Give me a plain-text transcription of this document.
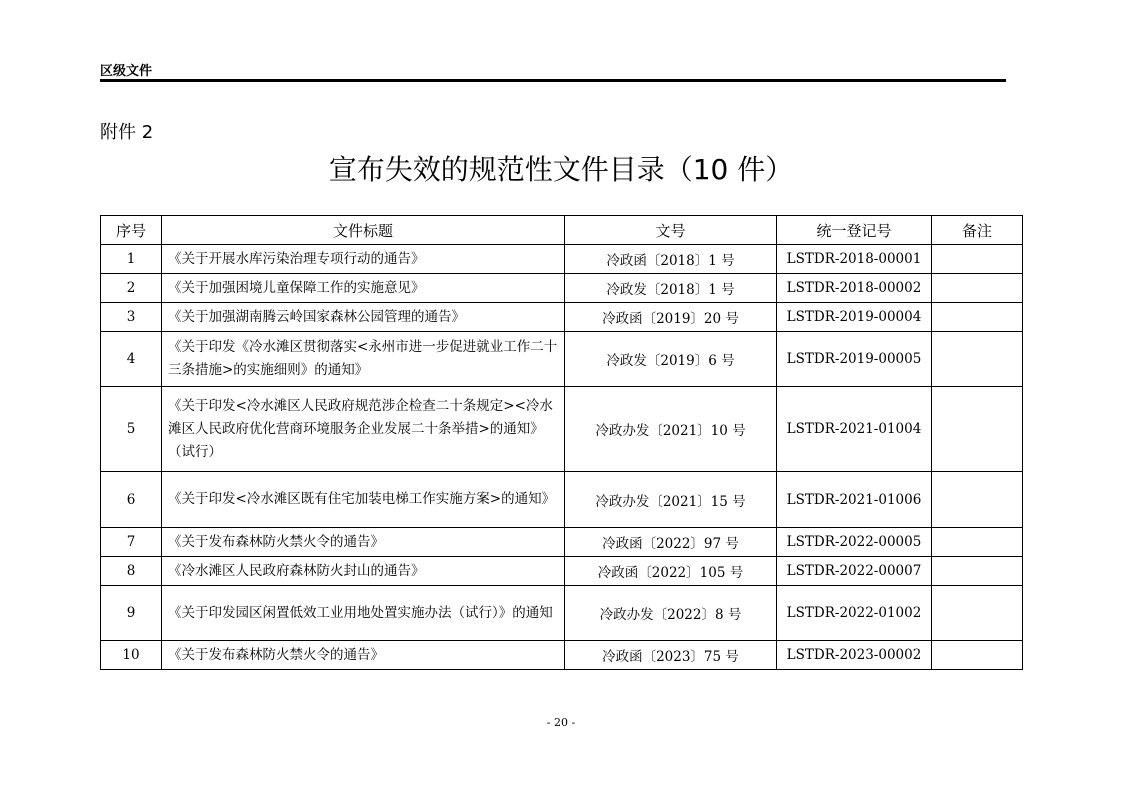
区级文件
附件 2
宣布失效的规范性文件目录（10 件）
序号	文件标题	文号	统一登记号	备注
1	《关于开展水库污染治理专项行动的通告》	冷政函〔2018〕1 号	LSTDR-2018-00001	
2	《关于加强困境儿童保障工作的实施意见》	冷政发〔2018〕1 号	LSTDR-2018-00002	
3	《关于加强湖南腾云岭国家森林公园管理的通告》	冷政函〔2019〕20 号	LSTDR-2019-00004	
4	《关于印发《冷水滩区贯彻落实<永州市进一步促进就业工作二十三条措施>的实施细则》的通知》	冷政发〔2019〕6 号	LSTDR-2019-00005	
5	《关于印发<冷水滩区人民政府规范涉企检查二十条规定><冷水滩区人民政府优化营商环境服务企业发展二十条举措>的通知》（试行）	冷政办发〔2021〕10 号	LSTDR-2021-01004	
6	《关于印发<冷水滩区既有住宅加装电梯工作实施方案>的通知》	冷政办发〔2021〕15 号	LSTDR-2021-01006	
7	《关于发布森林防火禁火令的通告》	冷政函〔2022〕97 号	LSTDR-2022-00005	
8	《冷水滩区人民政府森林防火封山的通告》	冷政函〔2022〕105 号	LSTDR-2022-00007	
9	《关于印发园区闲置低效工业用地处置实施办法（试行）》的通知	冷政办发〔2022〕8 号	LSTDR-2022-01002	
10	《关于发布森林防火禁火令的通告》	冷政函〔2023〕75 号	LSTDR-2023-00002	
- 20 -
